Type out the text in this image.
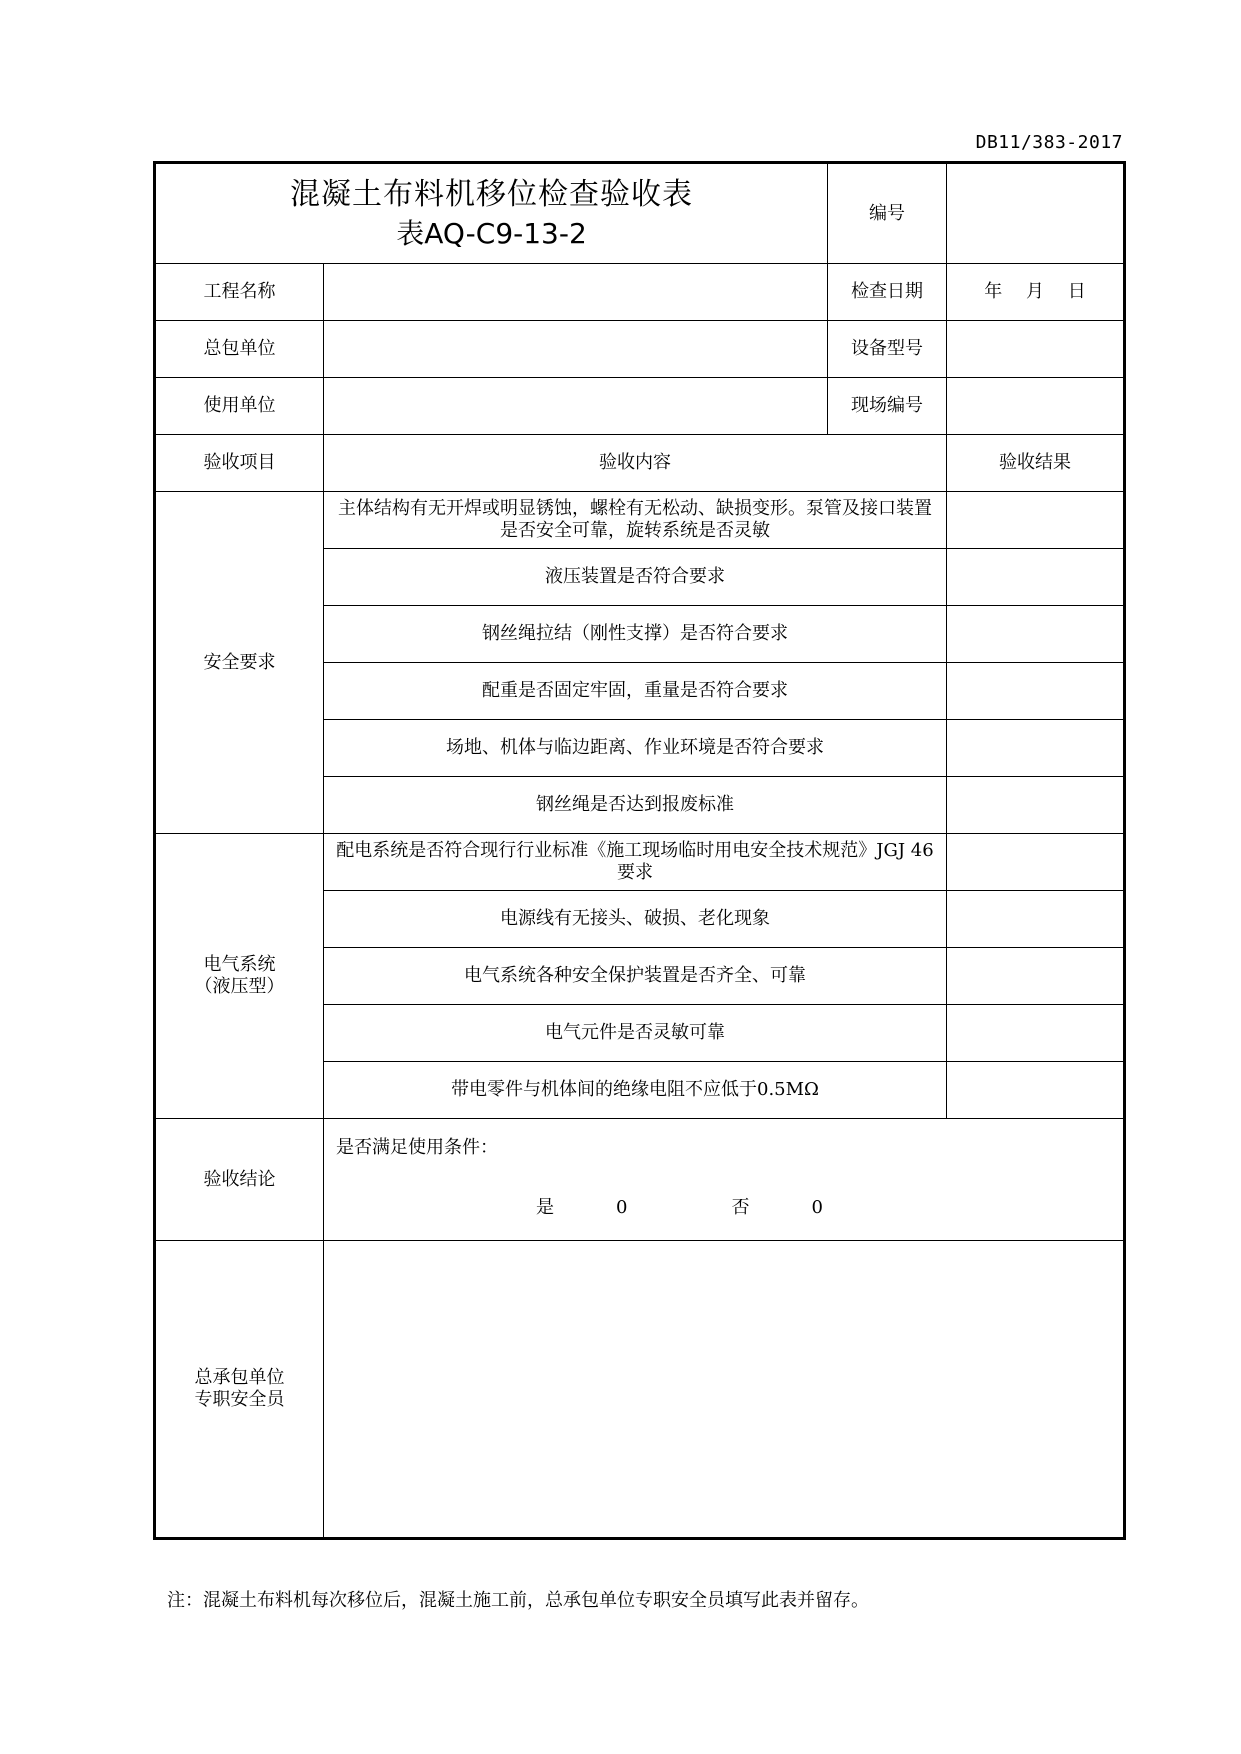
DB11/383-2017
混凝土布料机移位检查验收表
表AQ-C9-13-2		编号	
工程名称		检查日期	年　 月　 日
总包单位		设备型号	
使用单位		现场编号	
验收项目	验收内容		验收结果
安全要求	主体结构有无开焊或明显锈蚀，螺栓有无松动、缺损变形。泵管及接口装置是否安全可靠，旋转系统是否灵敏		
	液压装置是否符合要求		
	钢丝绳拉结（刚性支撑）是否符合要求		
	配重是否固定牢固，重量是否符合要求		
	场地、机体与临边距离、作业环境是否符合要求		
	钢丝绳是否达到报废标准		

电气系统
（液压型）	配电系统是否符合现行行业标准《施工现场临时用电安全技术规范》JGJ 46要求		
	电源线有无接头、破损、老化现象		
	电气系统各种安全保护装置是否齐全、可靠		
	电气元件是否灵敏可靠		
	带电零件与机体间的绝缘电阻不应低于0.5MΩ		
验收结论	是否满足使用条件：
是 0 否 0		

总承包单位
专职安全员			

注：混凝土布料机每次移位后，混凝土施工前，总承包单位专职安全员填写此表并留存。
